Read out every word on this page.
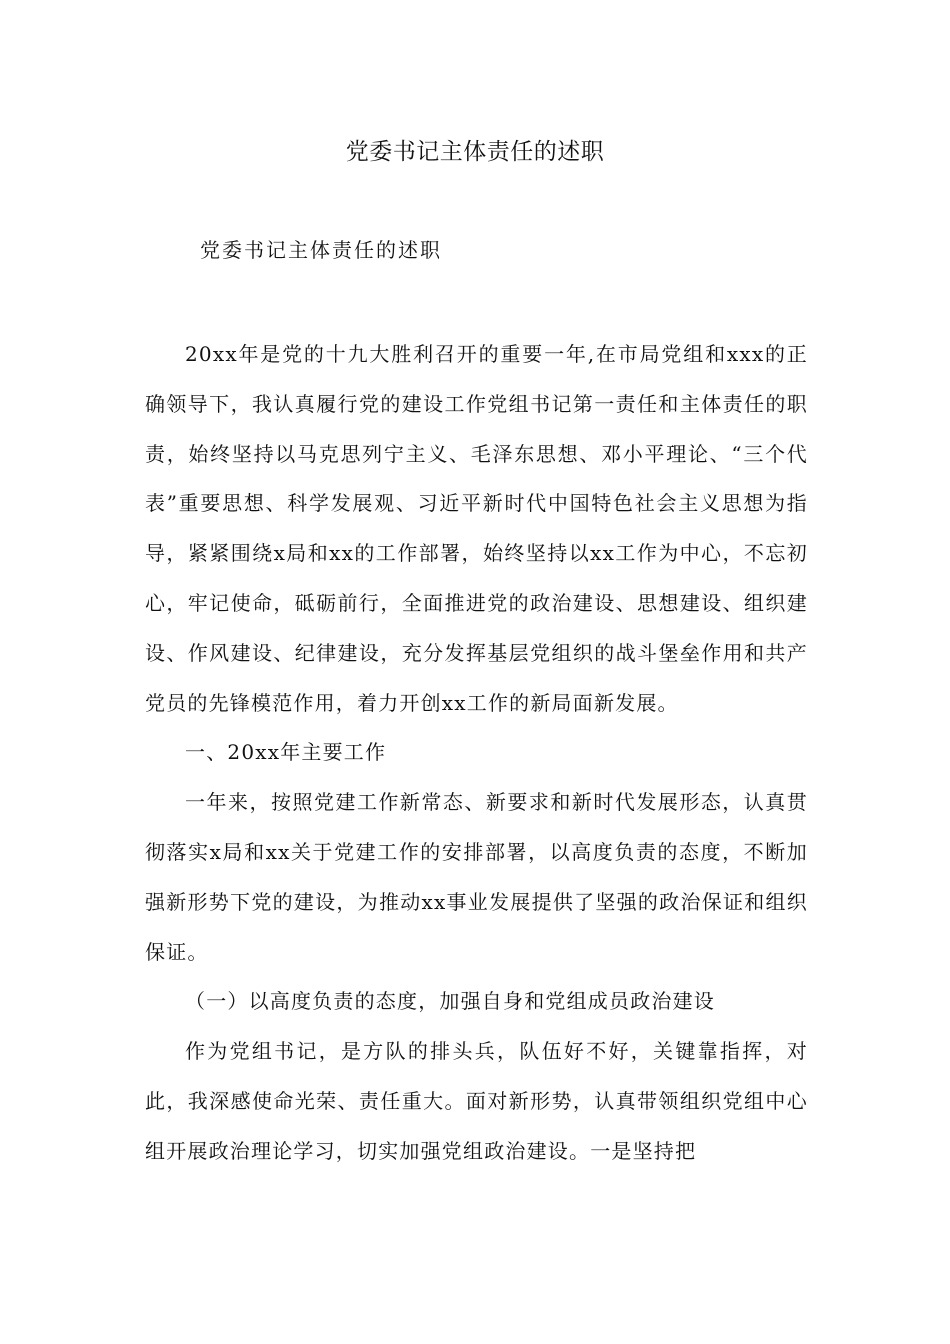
党委书记主体责任的述职
党委书记主体责任的述职

20xx年是党的十九大胜利召开的重要一年,在市局党组和xxx的正确领导下，我认真履行党的建设工作党组书记第一责任和主体责任的职责，始终坚持以马克思列宁主义、毛泽东思想、邓小平理论、“三个代表”重要思想、科学发展观、习近平新时代中国特色社会主义思想为指导，紧紧围绕x局和xx的工作部署，始终坚持以xx工作为中心，不忘初心，牢记使命，砥砺前行，全面推进党的政治建设、思想建设、组织建设、作风建设、纪律建设，充分发挥基层党组织的战斗堡垒作用和共产党员的先锋模范作用，着力开创xx工作的新局面新发展。

一、20xx年主要工作

一年来，按照党建工作新常态、新要求和新时代发展形态，认真贯彻落实x局和xx关于党建工作的安排部署，以高度负责的态度，不断加强新形势下党的建设，为推动xx事业发展提供了坚强的政治保证和组织保证。

（一）以高度负责的态度，加强自身和党组成员政治建设

作为党组书记，是方队的排头兵，队伍好不好，关键靠指挥，对此，我深感使命光荣、责任重大。面对新形势，认真带领组织党组中心组开展政治理论学习，切实加强党组政治建设。一是坚持把
